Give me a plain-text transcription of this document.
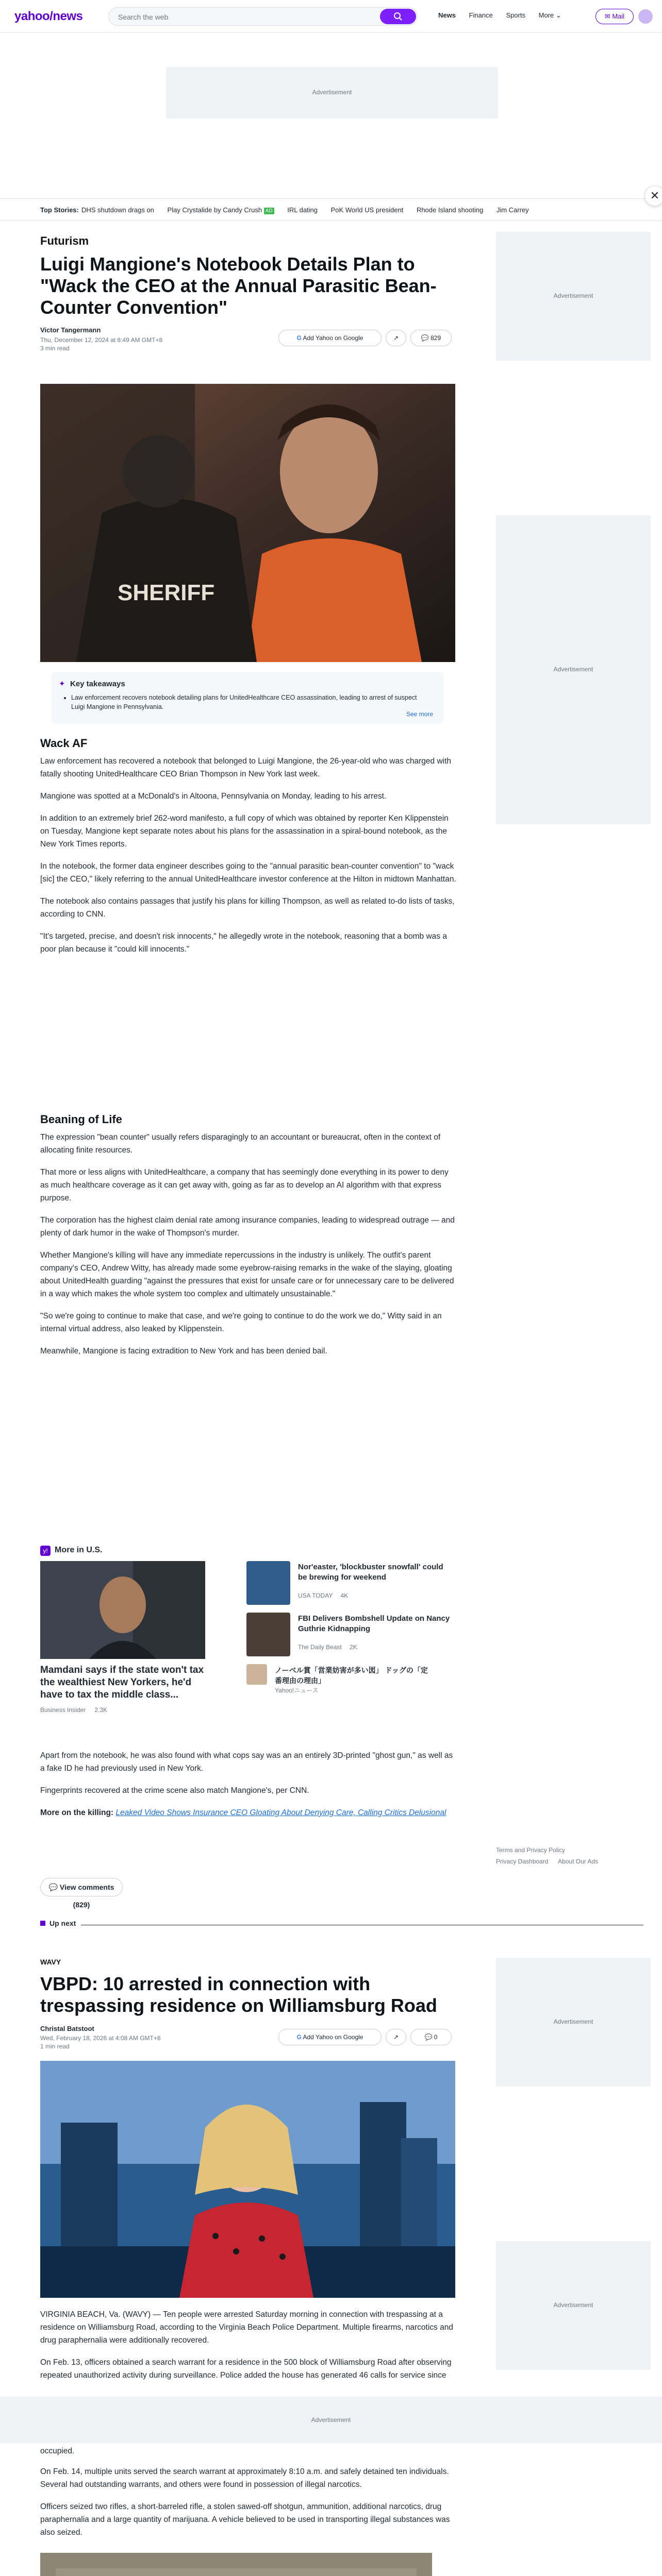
yahoo/news
Search the web	News Finance Sports More ⌄	✉ Mail
Advertisement
Top Stories: DHS shutdown drags on Play Crystalide by Candy Crush AD IRL dating PoK World US president Rhode Island shooting Jim Carrey
✕
Futurism
Luigi Mangione's Notebook Details Plan to "Wack the CEO at the Annual Parasitic Bean-Counter Convention"
Victor Tangermann
Thu, December 12, 2024 at 8:49 AM GMT+8
3 min read
G Add Yahoo on Google	↗	💬 829
SHERIFF
✦ Key takeaways
• Law enforcement recovers notebook detailing plans for UnitedHealthcare CEO assassination, leading to arrest of suspect Luigi Mangione in Pennsylvania.
See more
Wack AF

Law enforcement has recovered a notebook that belonged to Luigi Mangione, the 26-year-old who was charged with fatally shooting UnitedHealthcare CEO Brian Thompson in New York last week.

Mangione was spotted at a McDonald's in Altoona, Pennsylvania on Monday, leading to his arrest.

In addition to an extremely brief 262-word manifesto, a full copy of which was obtained by reporter Ken Klippenstein on Tuesday, Mangione kept separate notes about his plans for the assassination in a spiral-bound notebook, as the New York Times reports.

In the notebook, the former data engineer describes going to the "annual parasitic bean-counter convention" to "wack [sic] the CEO," likely referring to the annual UnitedHealthcare investor conference at the Hilton in midtown Manhattan.

The notebook also contains passages that justify his plans for killing Thompson, as well as related to-do lists of tasks, according to CNN.

"It's targeted, precise, and doesn't risk innocents," he allegedly wrote in the notebook, reasoning that a bomb was a poor plan because it "could kill innocents."

Beaning of Life

The expression "bean counter" usually refers disparagingly to an accountant or bureaucrat, often in the context of allocating finite resources.

That more or less aligns with UnitedHealthcare, a company that has seemingly done everything in its power to deny as much healthcare coverage as it can get away with, going as far as to develop an AI algorithm with that express purpose.

The corporation has the highest claim denial rate among insurance companies, leading to widespread outrage — and plenty of dark humor in the wake of Thompson's murder.

Whether Mangione's killing will have any immediate repercussions in the industry is unlikely. The outfit's parent company's CEO, Andrew Witty, has already made some eyebrow-raising remarks in the wake of the slaying, gloating about UnitedHealth guarding "against the pressures that exist for unsafe care or for unnecessary care to be delivered in a way which makes the whole system too complex and ultimately unsustainable."

"So we're going to continue to make that case, and we're going to continue to do the work we do," Witty said in an internal virtual address, also leaked by Klippenstein.

Meanwhile, Mangione is facing extradition to New York and has been denied bail.

y! More in U.S.
Mamdani says if the state won't tax the wealthiest New Yorkers, he'd have to tax the middle class...
Business Insider 2.3K
Nor'easter, 'blockbuster snowfall' could be brewing for weekend
USA TODAY 4K
FBI Delivers Bombshell Update on Nancy Guthrie Kidnapping
The Daily Beast 2K
ノーベル賞「営業妨害が多い図」 ドッグの「定番理由の理由」
Yahoo!ニュース

Apart from the notebook, he was also found with what cops say was an an entirely 3D-printed "ghost gun," as well as a fake ID he had previously used in New York.

Fingerprints recovered at the crime scene also match Mangione's, per CNN.

More on the killing: Leaked Video Shows Insurance CEO Gloating About Denying Care, Calling Critics Delusional

💬 View comments (829)
Advertisement
Advertisement
Terms and Privacy Policy
Privacy Dashboard About Our Ads
Up next
WAVY
VBPD: 10 arrested in connection with trespassing residence on Williamsburg Road
Christal Batstoot
Wed, February 18, 2026 at 4:08 AM GMT+8
1 min read
G Add Yahoo on Google	↗	💬 0

VIRGINIA BEACH, Va. (WAVY) — Ten people were arrested Saturday morning in connection with trespassing at a residence on Williamsburg Road, according to the Virginia Beach Police Department. Multiple firearms, narcotics and drug paraphernalia were additionally recovered.

On Feb. 13, officers obtained a search warrant for a residence in the 500 block of Williamsburg Road after observing repeated unauthorized activity during surveillance. Police added the house has generated 46 calls for service since

Advertisement
occupied.

On Feb. 14, multiple units served the search warrant at approximately 8:10 a.m. and safely detained ten individuals. Several had outstanding warrants, and others were found in possession of illegal narcotics.

Officers seized two rifles, a short-barreled rifle, a stolen sawed-off shotgun, ammunition, additional narcotics, drug paraphernalia and a large quantity of marijuana. A vehicle believed to be used in transporting illegal substances was also seized.

Advertisement
Advertisement
